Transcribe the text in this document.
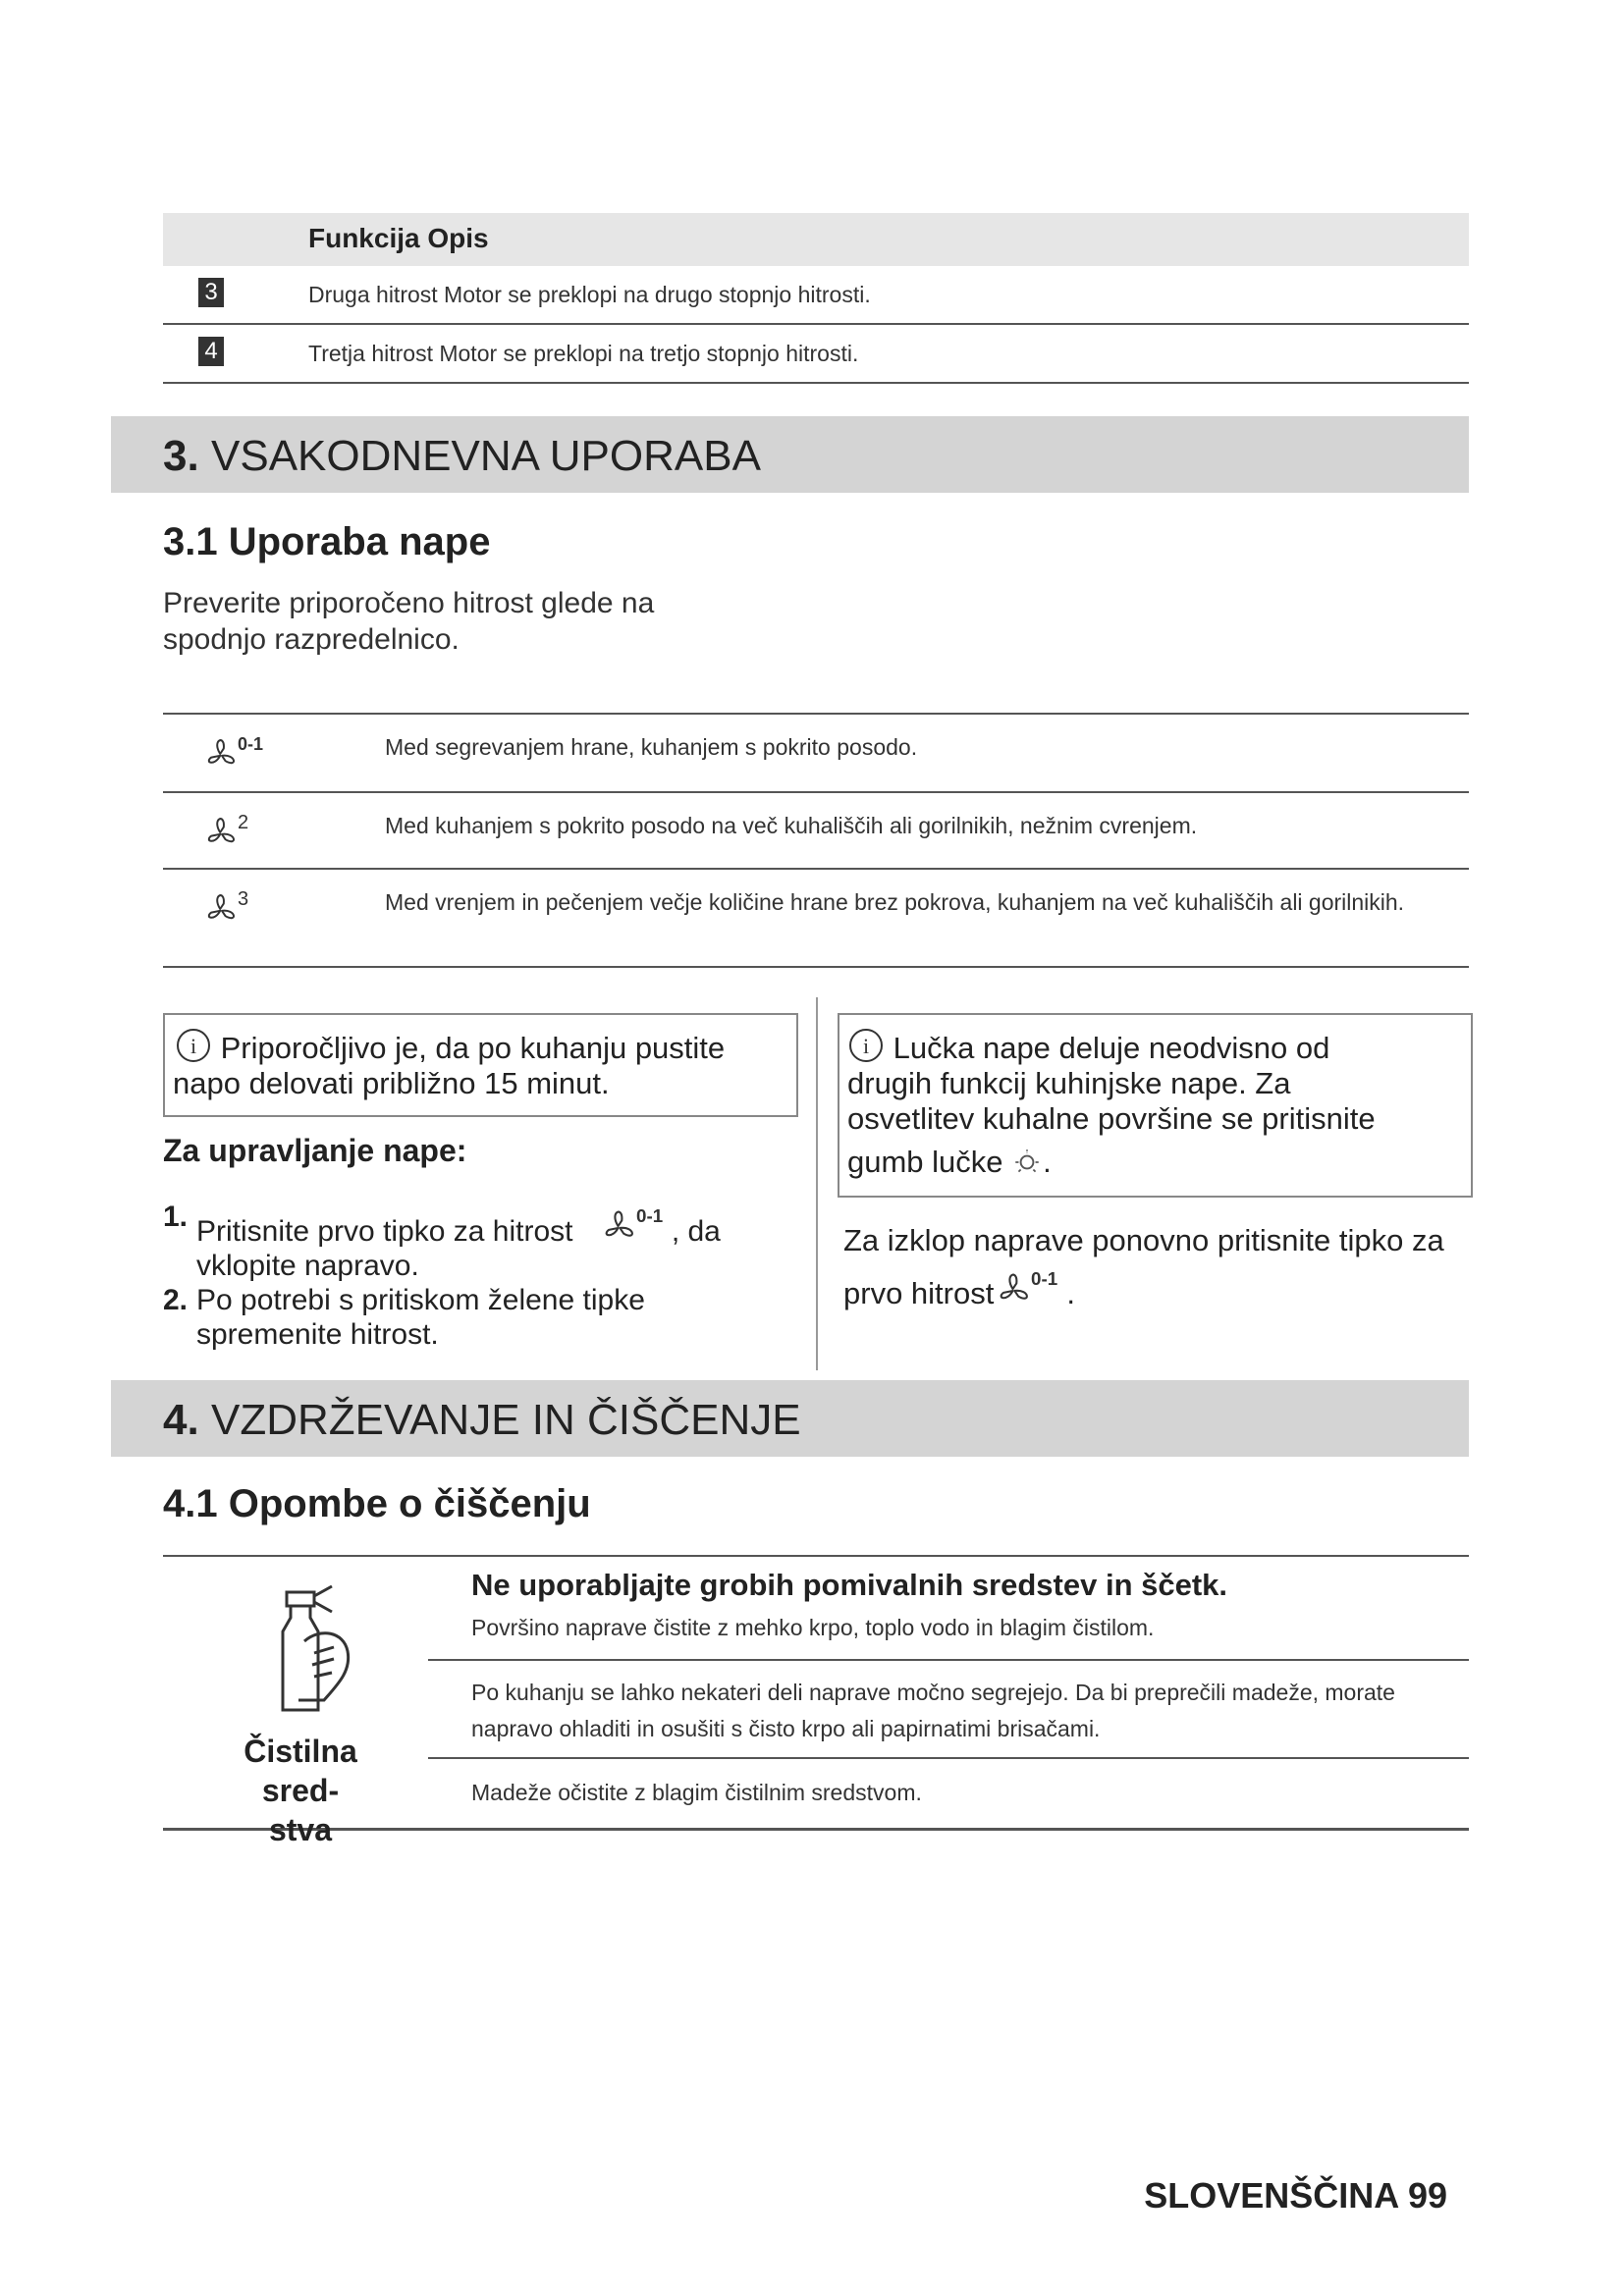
Funkcija Opis
3	Druga hitrost Motor se preklopi na drugo stopnjo hitrosti.
4	Tretja hitrost Motor se preklopi na tretjo stopnjo hitrosti.
3. VSAKODNEVNA UPORABA
3.1 Uporaba nape
Preverite priporočeno hitrost glede na spodnjo razpredelnico.
0-1	Med segrevanjem hrane, kuhanjem s pokrito posodo.
2	Med kuhanjem s pokrito posodo na več kuhališčih ali gorilnikih, nežnim cvrenjem.
3	Med vrenjem in pečenjem večje količine hrane brez pokrova, kuhanjem na več kuhališčih ali gorilnikih.
i Priporočljivo je, da po kuhanju pustite napo delovati približno 15 minut.
Za upravljanje nape:
1. Pritisnite prvo tipko za hitrost	0-1 , da vklopite napravo.
2. Po potrebi s pritiskom želene tipke spremenite hitrost.
i Lučka nape deluje neodvisno od
drugih funkcij kuhinjske nape. Za
osvetlitev kuhalne površine se pritisnite
gumb lučke .
Za izklop naprave ponovno pritisnite tipko za
prvo hitrost 0-1 .
4. VZDRŽEVANJE IN ČIŠČENJE
4.1 Opombe o čiščenju
Čistilna sred-
stva
Ne uporabljajte grobih pomivalnih sredstev in ščetk.
Površino naprave čistite z mehko krpo, toplo vodo in blagim čistilom.
Po kuhanju se lahko nekateri deli naprave močno segrejejo. Da bi preprečili madeže, morate napravo ohladiti in osušiti s čisto krpo ali papirnatimi brisačami.
Madeže očistite z blagim čistilnim sredstvom.
SLOVENŠČINA 99
